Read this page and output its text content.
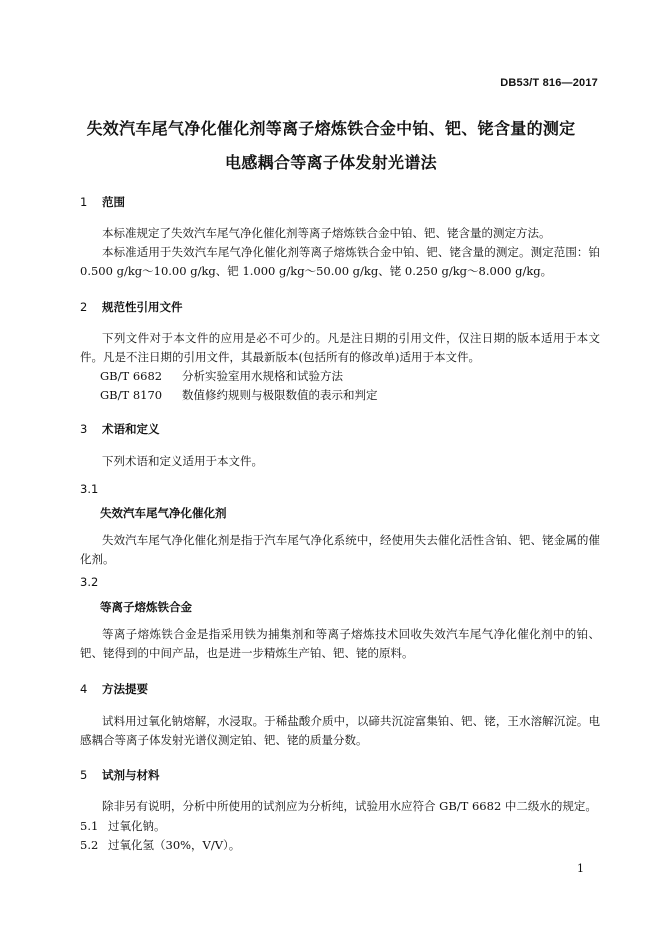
DB53/T 816—2017
失效汽车尾气净化催化剂等离子熔炼铁合金中铂、钯、铑含量的测定
电感耦合等离子体发射光谱法
1 范围
本标准规定了失效汽车尾气净化催化剂等离子熔炼铁合金中铂、钯、铑含量的测定方法。
本标准适用于失效汽车尾气净化催化剂等离子熔炼铁合金中铂、钯、铑含量的测定。测定范围：铂 0.500 g/kg～10.00 g/kg、钯 1.000 g/kg～50.00 g/kg、铑 0.250 g/kg～8.000 g/kg。
2 规范性引用文件
下列文件对于本文件的应用是必不可少的。凡是注日期的引用文件，仅注日期的版本适用于本文件。凡是不注日期的引用文件，其最新版本(包括所有的修改单)适用于本文件。
GB/T 6682 分析实验室用水规格和试验方法
GB/T 8170 数值修约规则与极限数值的表示和判定
3 术语和定义
下列术语和定义适用于本文件。
3.1
失效汽车尾气净化催化剂
失效汽车尾气净化催化剂是指于汽车尾气净化系统中，经使用失去催化活性含铂、钯、铑金属的催化剂。
3.2
等离子熔炼铁合金
等离子熔炼铁合金是指采用铁为捕集剂和等离子熔炼技术回收失效汽车尾气净化催化剂中的铂、钯、铑得到的中间产品，也是进一步精炼生产铂、钯、铑的原料。
4 方法提要
试料用过氧化钠熔解，水浸取。于稀盐酸介质中，以碲共沉淀富集铂、钯、铑，王水溶解沉淀。电感耦合等离子体发射光谱仪测定铂、钯、铑的质量分数。
5 试剂与材料
除非另有说明，分析中所使用的试剂应为分析纯，试验用水应符合 GB/T 6682 中二级水的规定。
5.1 过氧化钠。
5.2 过氧化氢（30%，V/V）。
1
